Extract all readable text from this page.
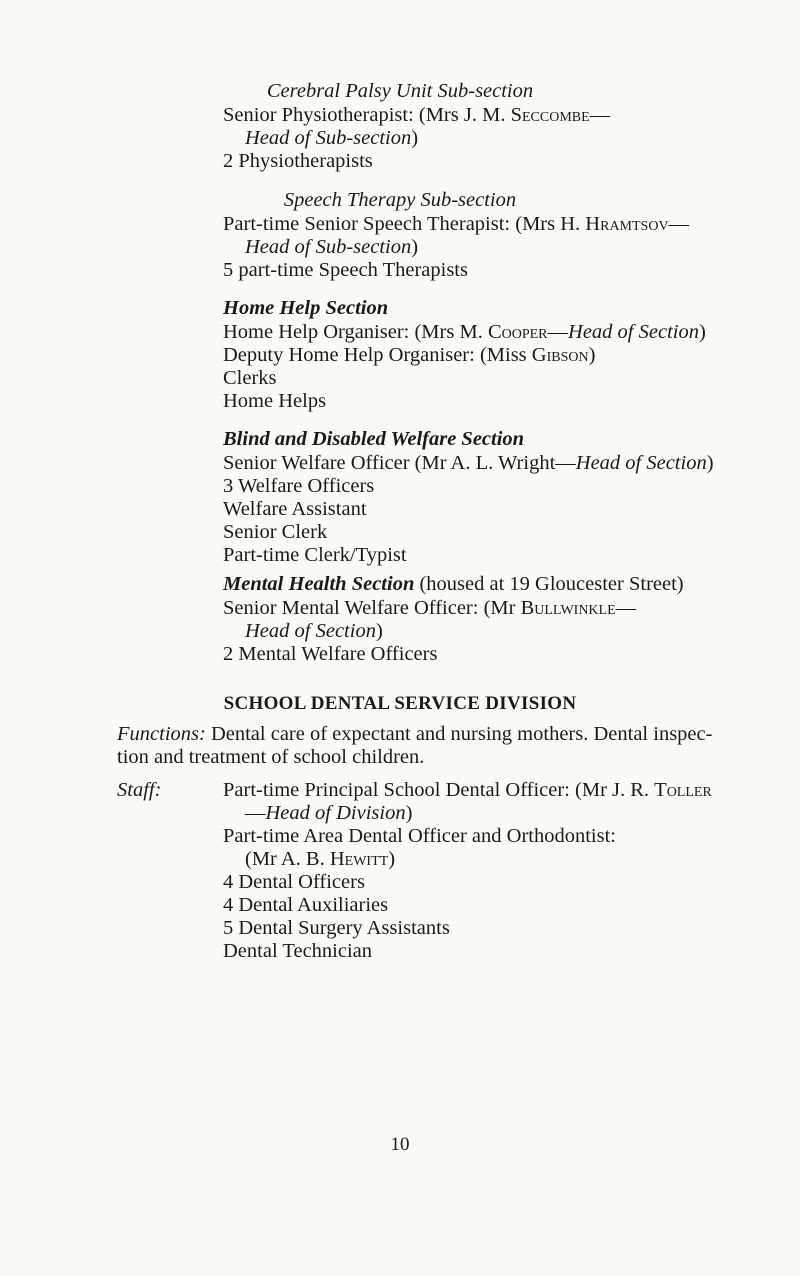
Cerebral Palsy Unit Sub-section
Senior Physiotherapist: (Mrs J. M. Seccombe—
Head of Sub-section)
2 Physiotherapists
Speech Therapy Sub-section
Part-time Senior Speech Therapist: (Mrs H. Hramtsov—
Head of Sub-section)
5 part-time Speech Therapists
Home Help Section
Home Help Organiser: (Mrs M. Cooper—Head of Section)
Deputy Home Help Organiser: (Miss Gibson)
Clerks
Home Helps
Blind and Disabled Welfare Section
Senior Welfare Officer (Mr A. L. Wright—Head of Section)
3 Welfare Officers
Welfare Assistant
Senior Clerk
Part-time Clerk/Typist
Mental Health Section (housed at 19 Gloucester Street)
Senior Mental Welfare Officer: (Mr Bullwinkle—
Head of Section)
2 Mental Welfare Officers
SCHOOL DENTAL SERVICE DIVISION
Functions: Dental care of expectant and nursing mothers. Dental inspec-
tion and treatment of school children.
Staff:	Part-time Principal School Dental Officer: (Mr J. R. Toller
—Head of Division)
Part-time Area Dental Officer and Orthodontist:
(Mr A. B. Hewitt)
4 Dental Officers
4 Dental Auxiliaries
5 Dental Surgery Assistants
Dental Technician
10
